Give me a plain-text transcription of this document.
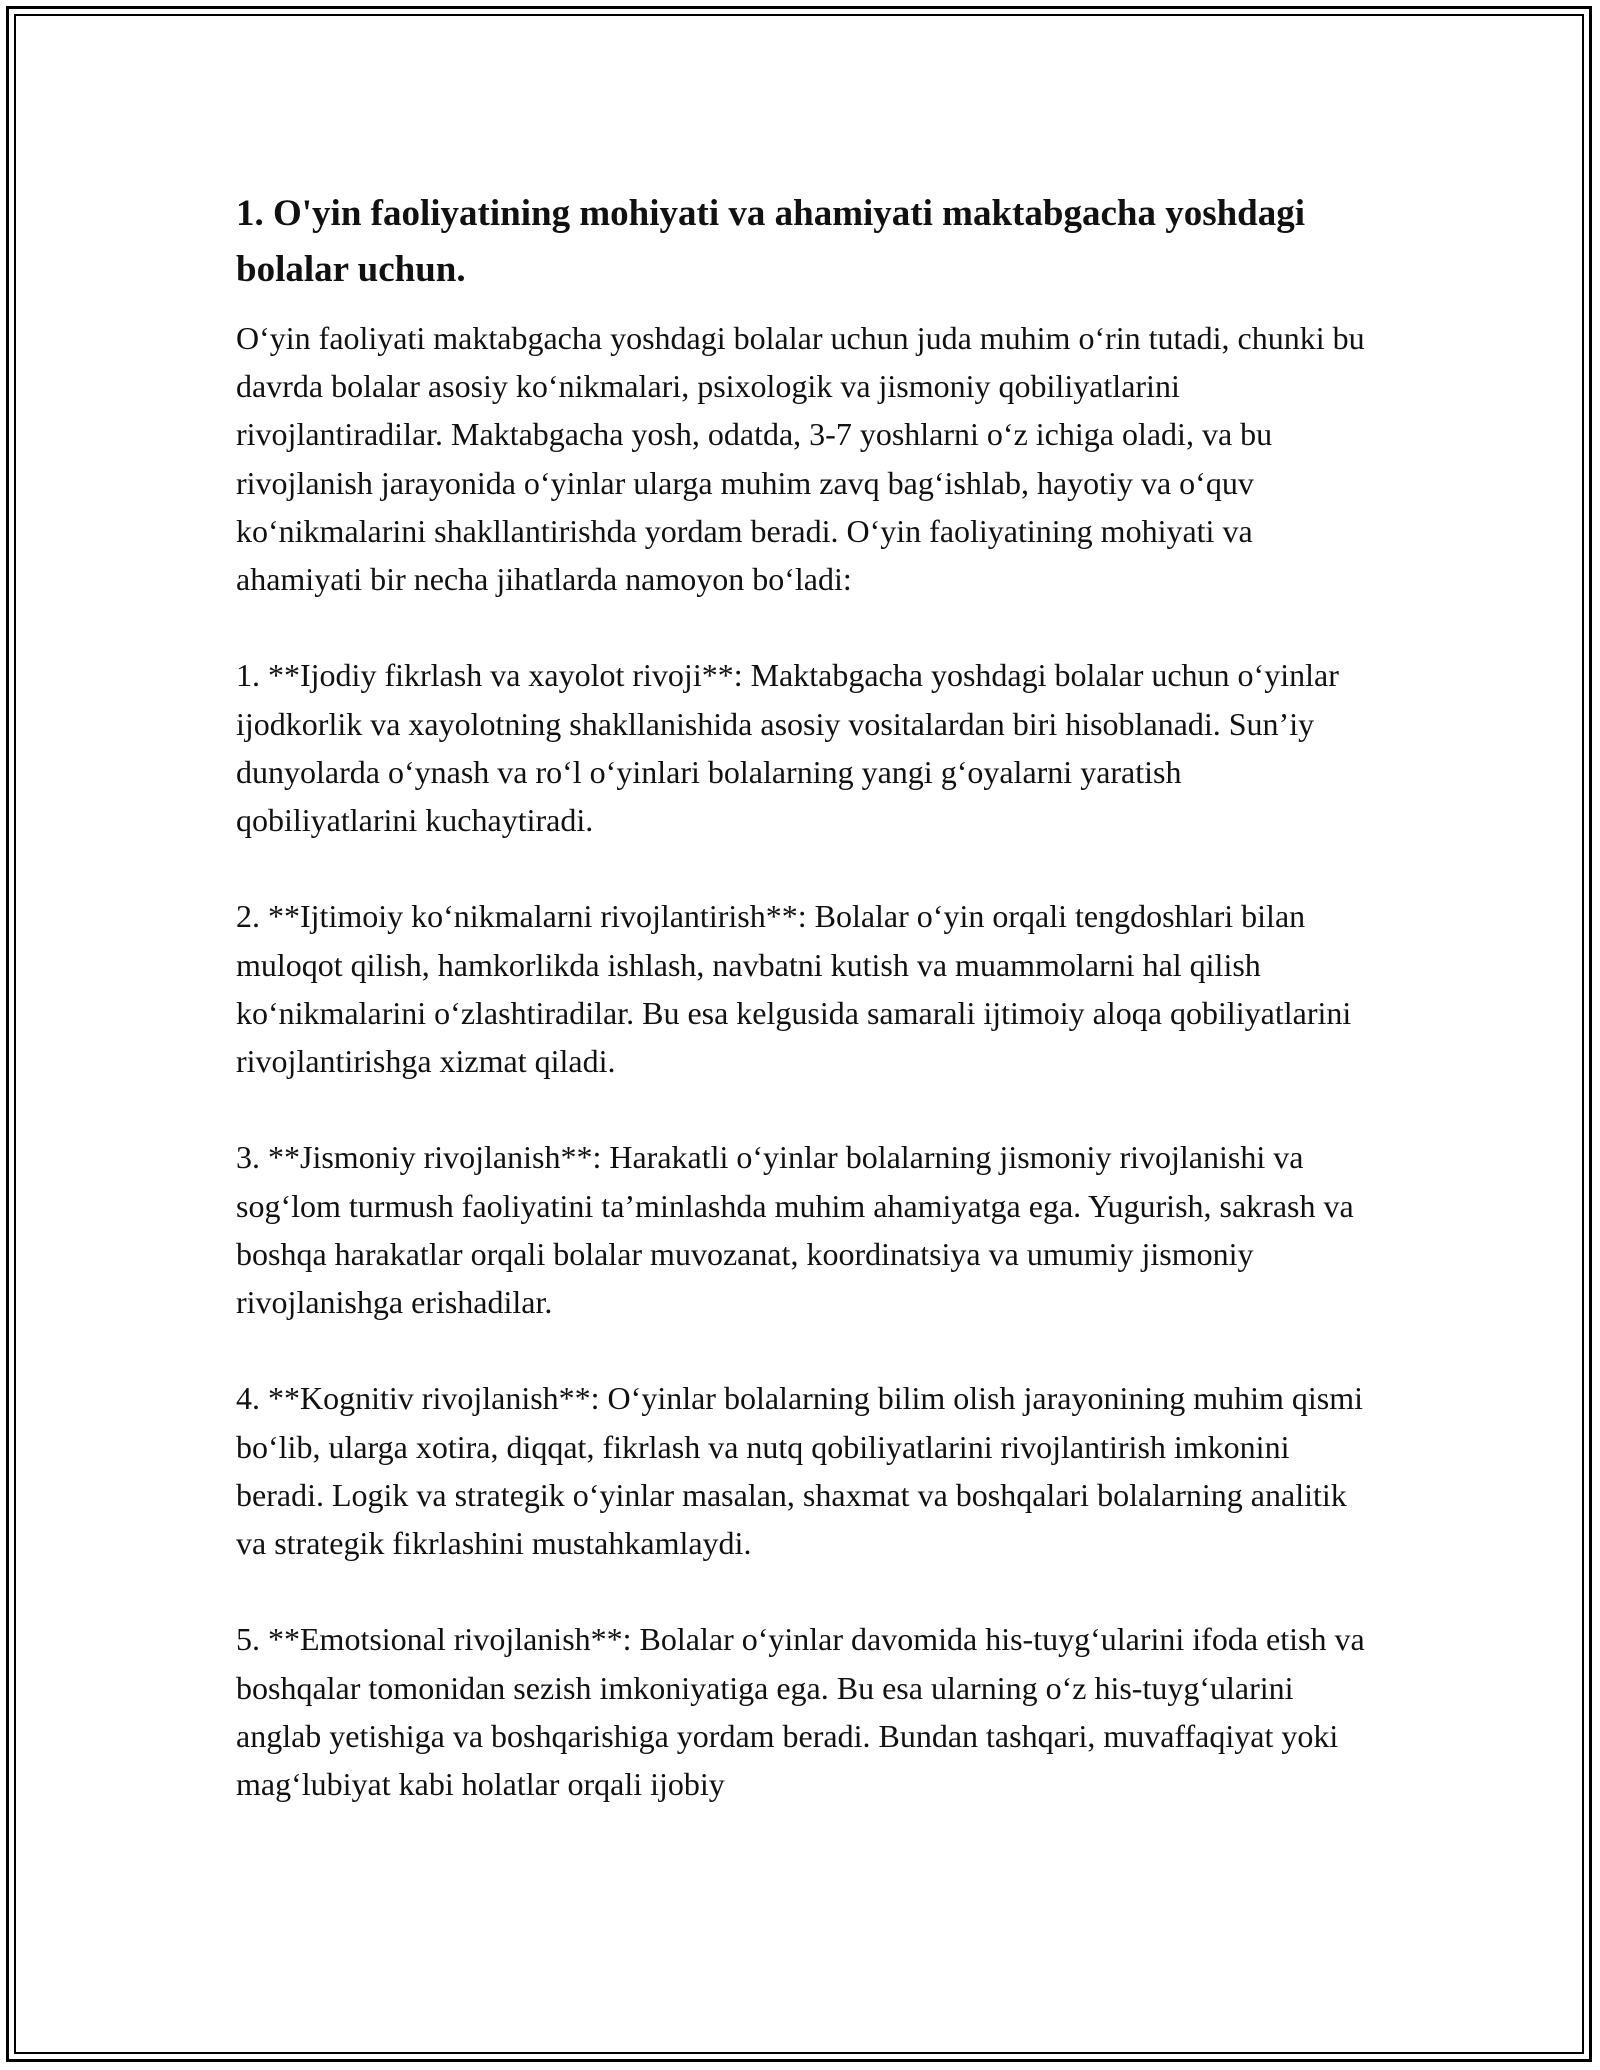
1. O'yin faoliyatining mohiyati va ahamiyati maktabgacha yoshdagi bolalar uchun.

O‘yin faoliyati maktabgacha yoshdagi bolalar uchun juda muhim o‘rin tutadi, chunki bu davrda bolalar asosiy ko‘nikmalari, psixologik va jismoniy qobiliyatlarini rivojlantiradilar. Maktabgacha yosh, odatda, 3-7 yoshlarni o‘z ichiga oladi, va bu rivojlanish jarayonida o‘yinlar ularga muhim zavq bag‘ishlab, hayotiy va o‘quv ko‘nikmalarini shakllantirishda yordam beradi. O‘yin faoliyatining mohiyati va ahamiyati bir necha jihatlarda namoyon bo‘ladi:

1. **Ijodiy fikrlash va xayolot rivoji**: Maktabgacha yoshdagi bolalar uchun o‘yinlar ijodkorlik va xayolotning shakllanishida asosiy vositalardan biri hisoblanadi. Sun’iy dunyolarda o‘ynash va ro‘l o‘yinlari bolalarning yangi g‘oyalarni yaratish qobiliyatlarini kuchaytiradi.

2. **Ijtimoiy ko‘nikmalarni rivojlantirish**: Bolalar o‘yin orqali tengdoshlari bilan muloqot qilish, hamkorlikda ishlash, navbatni kutish va muammolarni hal qilish ko‘nikmalarini o‘zlashtiradilar. Bu esa kelgusida samarali ijtimoiy aloqa qobiliyatlarini rivojlantirishga xizmat qiladi.

3. **Jismoniy rivojlanish**: Harakatli o‘yinlar bolalarning jismoniy rivojlanishi va sog‘lom turmush faoliyatini ta’minlashda muhim ahamiyatga ega. Yugurish, sakrash va boshqa harakatlar orqali bolalar muvozanat, koordinatsiya va umumiy jismoniy rivojlanishga erishadilar.

4. **Kognitiv rivojlanish**: O‘yinlar bolalarning bilim olish jarayonining muhim qismi bo‘lib, ularga xotira, diqqat, fikrlash va nutq qobiliyatlarini rivojlantirish imkonini beradi. Logik va strategik o‘yinlar masalan, shaxmat va boshqalari bolalarning analitik va strategik fikrlashini mustahkamlaydi.

5. **Emotsional rivojlanish**: Bolalar o‘yinlar davomida his-tuyg‘ularini ifoda etish va boshqalar tomonidan sezish imkoniyatiga ega. Bu esa ularning o‘z his-tuyg‘ularini anglab yetishiga va boshqarishiga yordam beradi. Bundan tashqari, muvaffaqiyat yoki mag‘lubiyat kabi holatlar orqali ijobiy
